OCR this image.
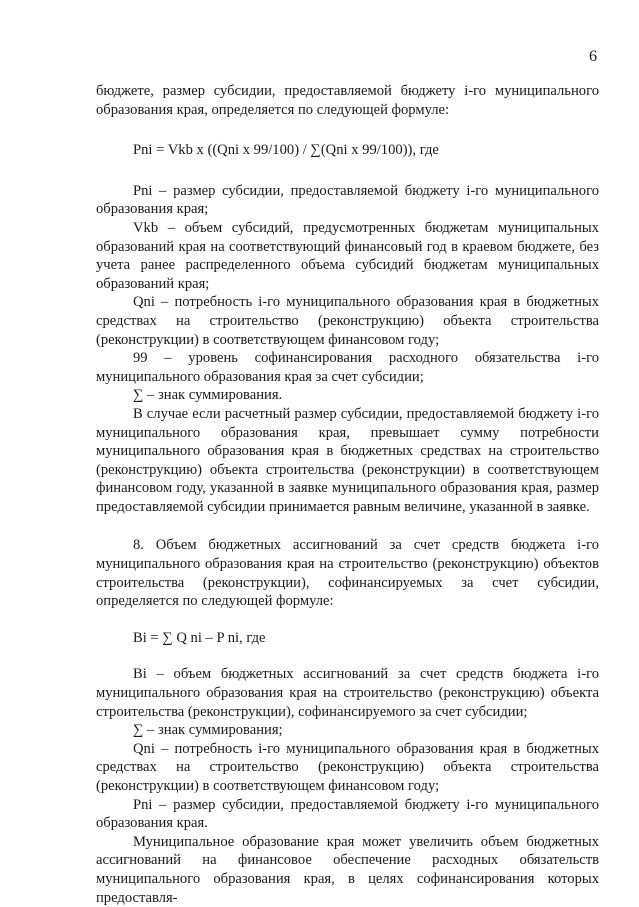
6

бюджете, размер субсидии, предоставляемой бюджету i-го муниципального образования края, определяется по следующей формуле:

Pni = Vkb x ((Qni x 99/100) / ∑(Qni x 99/100)), где

Pni – размер субсидии, предоставляемой бюджету i-го муниципального образования края;

Vkb – объем субсидий, предусмотренных бюджетам муниципальных образований края на соответствующий финансовый год в краевом бюджете, без учета ранее распределенного объема субсидий бюджетам муниципальных образований края;

Qni – потребность i-го муниципального образования края в бюджетных средствах на строительство (реконструкцию) объекта строительства (реконструкции) в соответствующем финансовом году;

99 – уровень софинансирования расходного обязательства i-го муниципального образования края за счет субсидии;

∑ – знак суммирования.

В случае если расчетный размер субсидии, предоставляемой бюджету i-го муниципального образования края, превышает сумму потребности муниципального образования края в бюджетных средствах на строительство (реконструкцию) объекта строительства (реконструкции) в соответствующем финансовом году, указанной в заявке муниципального образования края, размер предоставляемой субсидии принимается равным величине, указанной в заявке.

8. Объем бюджетных ассигнований за счет средств бюджета i-го муниципального образования края на строительство (реконструкцию) объектов строительства (реконструкции), софинансируемых за счет субсидии, определяется по следующей формуле:

Bi = ∑ Q ni – P ni, где

Bi – объем бюджетных ассигнований за счет средств бюджета i-го муниципального образования края на строительство (реконструкцию) объекта строительства (реконструкции), софинансируемого за счет субсидии;

∑ – знак суммирования;

Qni – потребность i-го муниципального образования края в бюджетных средствах на строительство (реконструкцию) объекта строительства (реконструкции) в соответствующем финансовом году;

Pni – размер субсидии, предоставляемой бюджету i-го муниципального образования края.

Муниципальное образование края может увеличить объем бюджетных ассигнований на финансовое обеспечение расходных обязательств муниципального образования края, в целях софинансирования которых предоставля-
